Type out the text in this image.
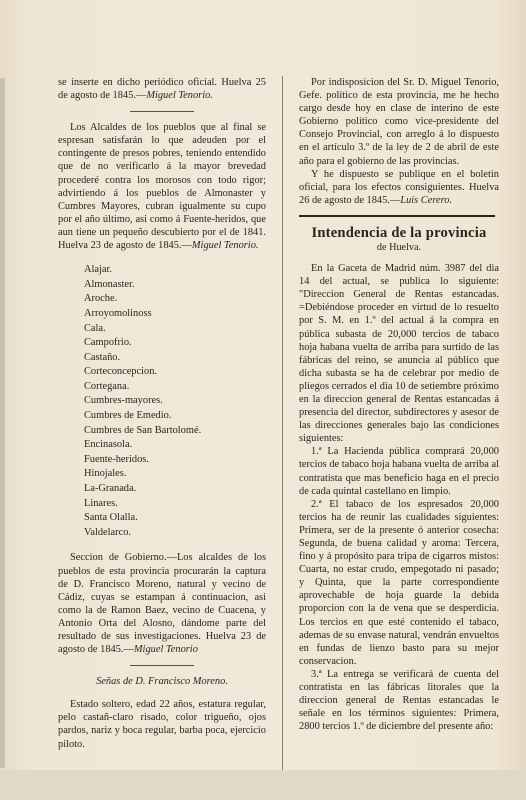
se inserte en dicho periódico oficial. Huelva 25 de agosto de 1845.—Miguel Tenorio.

Los Alcaldes de los pueblos que al final se espresan satisfarán lo que adeuden por el contingente de presos pobres, teniendo entendido que de no verificarlo á la mayor brevedad procederé contra los morosos con todo rigor; advirtiendo á los pueblos de Almonaster y Cumbres Mayores, cubran igualmente su cupo por el año último, asi como á Fuente-heridos, que aun tiene un pequeño descubierto por el de 1841. Huelva 23 de agosto de 1845.—Miguel Tenorio.

Alajar.
Almonaster.
Aroche.
Arroyomolinoss
Cala.
Campofrio.
Castaño.
Corteconcepcion.
Cortegana.
Cumbres-mayores.
Cumbres de Emedio.
Cumbres de San Bartolomé.
Encinasola.
Fuente-heridos.
Hinojales.
La-Granada.
Linares.
Santa Olalla.
Valdelarco.

Seccion de Gobierno.—Los alcaldes de los pueblos de esta provincia procurarán la captura de D. Francisco Moreno, natural y vecino de Cádiz, cuyas se estampan á continuacion, asi como la de Ramon Baez, vecino de Cuacena, y Antonio Orta del Alosno, dándome parte del resultado de sus investigaciones. Huelva 23 de agosto de 1845.—Miguel Tenorio

Señas de D. Francisco Moreno.

Estado soltero, edad 22 años, estatura regular, pelo castañ-claro risado, color trigueño, ojos pardos, nariz y boca regular, barba poca, ejercicio piloto.

Por indisposicion del Sr. D. Miguel Tenorio, Gefe. político de esta provincia, me he hecho cargo desde hoy en clase de interino de este Gobierno político como vice-presidente del Consejo Provincial, con arreglo á lo dispuesto en el artículo 3.º de la ley de 2 de abril de este año para el gobierno de las provincias.

Y he dispuesto se publique en el boletin oficial, para los efectos consiguientes. Huelva 26 de agosto de 1845.—Luis Cerero.

Intendencia de la provincia

de Huelva.

En la Gaceta de Madrid núm. 3987 del dia 14 del actual, se publica lo siguiente: "Direccion General de Rentas estancadas. =Debiéndose proceder en virtud de lo resuelto por S. M. en 1.º del actual á la compra en pública subasta de 20,000 tercios de tabaco hoja habana vuelta de arriba para surtido de las fábricas del reino, se anuncia al público que dicha subasta se ha de celebrar por medio de pliegos cerrados el dia 10 de setiembre próximo en la direccion general de Rentas estancadas á presencia del director, subdirectores y asesor de las direcciones generales bajo las condiciones siguientes:

1.ª La Hacienda pública comprará 20,000 tercios de tabaco hoja habana vuelta de arriba al contratista que mas beneficio haga en el precio de cada quintal castellano en limpio.

2.ª El tabaco de los espresados 20,000 tercios ha de reunir las cualidades siguientes: Primera, ser de la presente ó anterior cosecha: Segunda, de buena calidad y aroma: Tercera, fino y á propósito para tripa de cigarros mistos: Cuarta, no estar crudo, empegotado ni pasado; y Quinta, que la parte correspondiente aprovechable de hoja guarde la debida proporcion con la de vena que se desperdicia. Los tercios en que esté contenido el tabaco, ademas de su envase natural, vendrán envueltos en fundas de lienzo basto para su mejor conservacion.

3.ª La entrega se verificará de cuenta del contratista en las fábricas litorales que la direccion general de Rentas estancadas le señale en los términos siguientes: Primera, 2800 tercios 1.º de diciembre del presente año:
